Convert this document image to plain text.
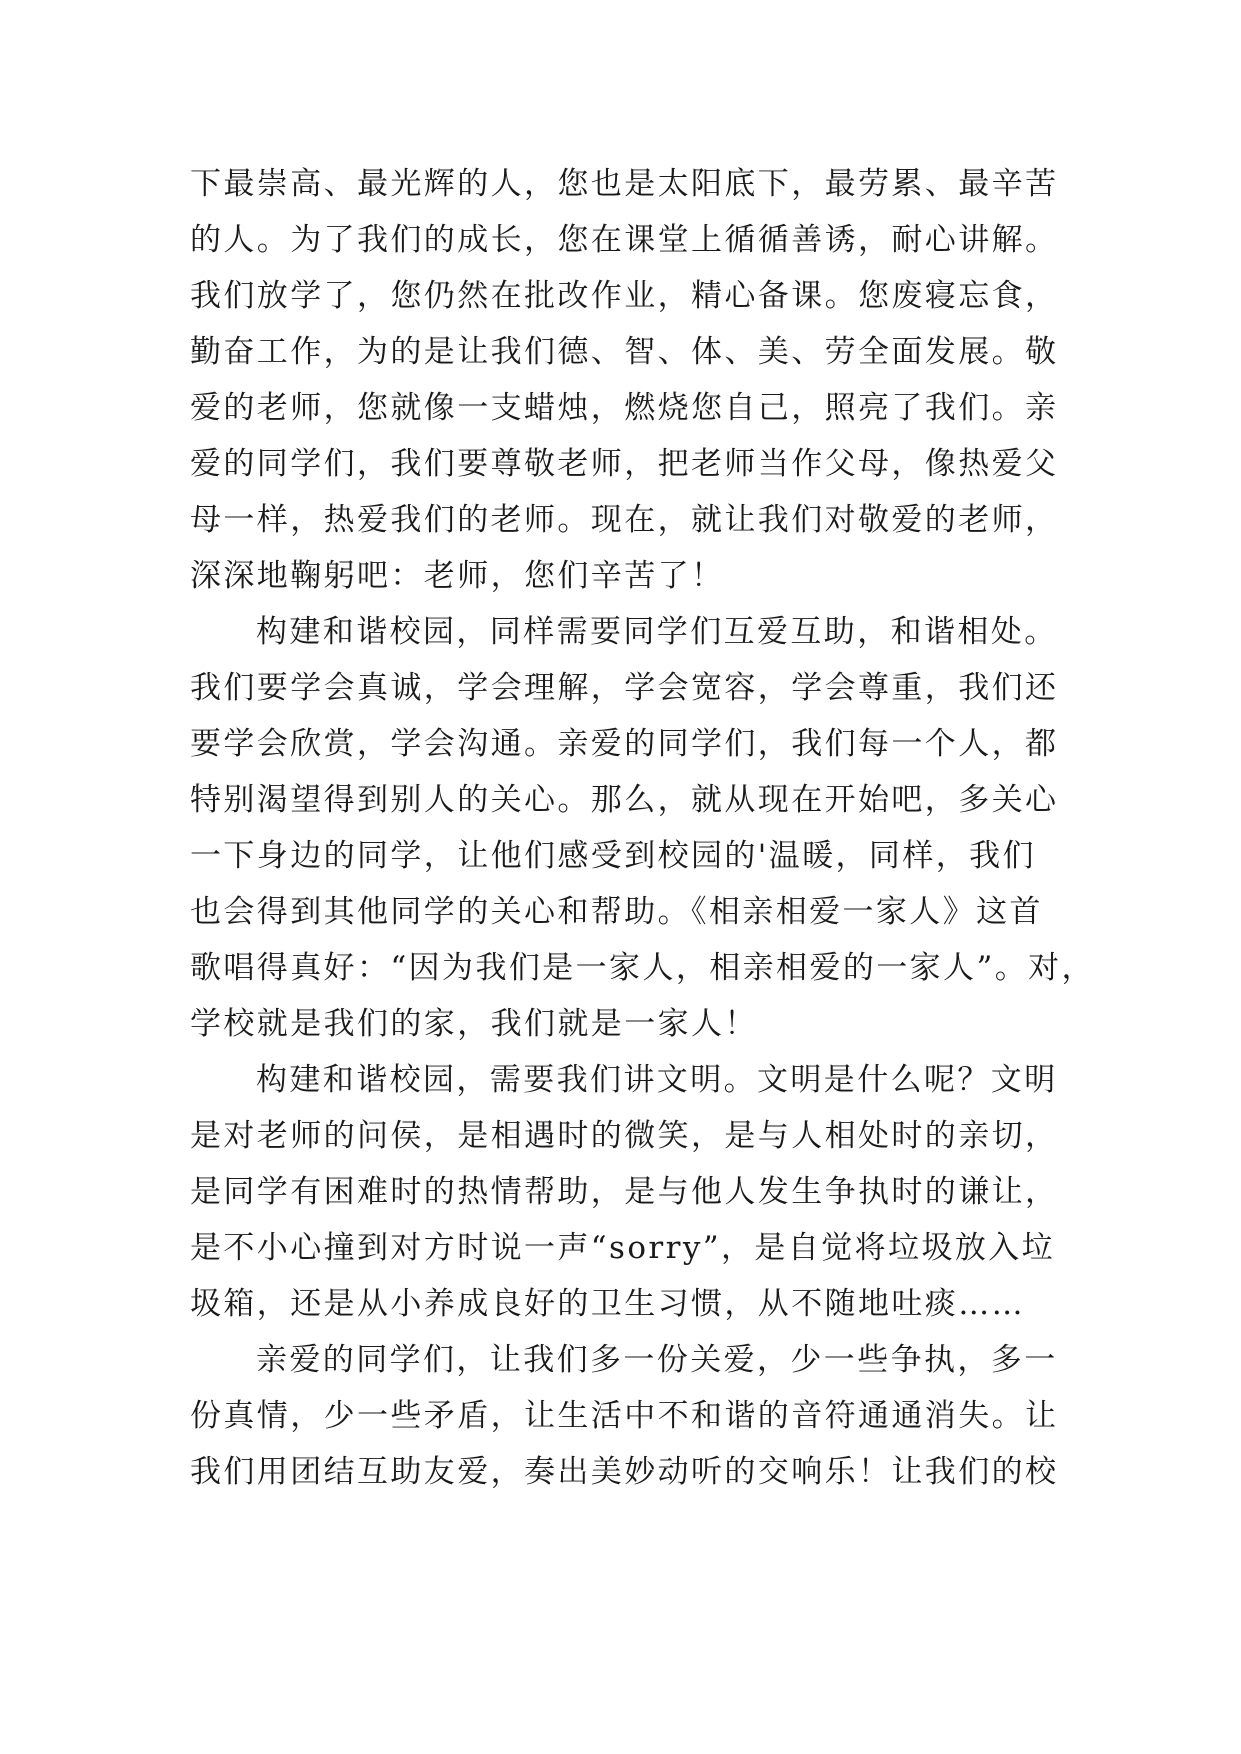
下最崇高、最光辉的人，您也是太阳底下，最劳累、最辛苦
的人。为了我们的成长，您在课堂上循循善诱，耐心讲解。
我们放学了，您仍然在批改作业，精心备课。您废寝忘食，
勤奋工作，为的是让我们德、智、体、美、劳全面发展。敬
爱的老师，您就像一支蜡烛，燃烧您自己，照亮了我们。亲
爱的同学们，我们要尊敬老师，把老师当作父母，像热爱父
母一样，热爱我们的老师。现在，就让我们对敬爱的老师，
深深地鞠躬吧：老师，您们辛苦了！
构建和谐校园，同样需要同学们互爱互助，和谐相处。
我们要学会真诚，学会理解，学会宽容，学会尊重，我们还
要学会欣赏，学会沟通。亲爱的同学们，我们每一个人，都
特别渴望得到别人的关心。那么，就从现在开始吧，多关心
一下身边的同学，让他们感受到校园的'温暖，同样，我们
也会得到其他同学的关心和帮助。《相亲相爱一家人》这首
歌唱得真好：“因为我们是一家人，相亲相爱的一家人”。对，
学校就是我们的家，我们就是一家人！
构建和谐校园，需要我们讲文明。文明是什么呢？文明
是对老师的问侯，是相遇时的微笑，是与人相处时的亲切，
是同学有困难时的热情帮助，是与他人发生争执时的谦让，
是不小心撞到对方时说一声“sorry”，是自觉将垃圾放入垃
圾箱，还是从小养成良好的卫生习惯，从不随地吐痰……
亲爱的同学们，让我们多一份关爱，少一些争执，多一
份真情，少一些矛盾，让生活中不和谐的音符通通消失。让
我们用团结互助友爱，奏出美妙动听的交响乐！让我们的校
